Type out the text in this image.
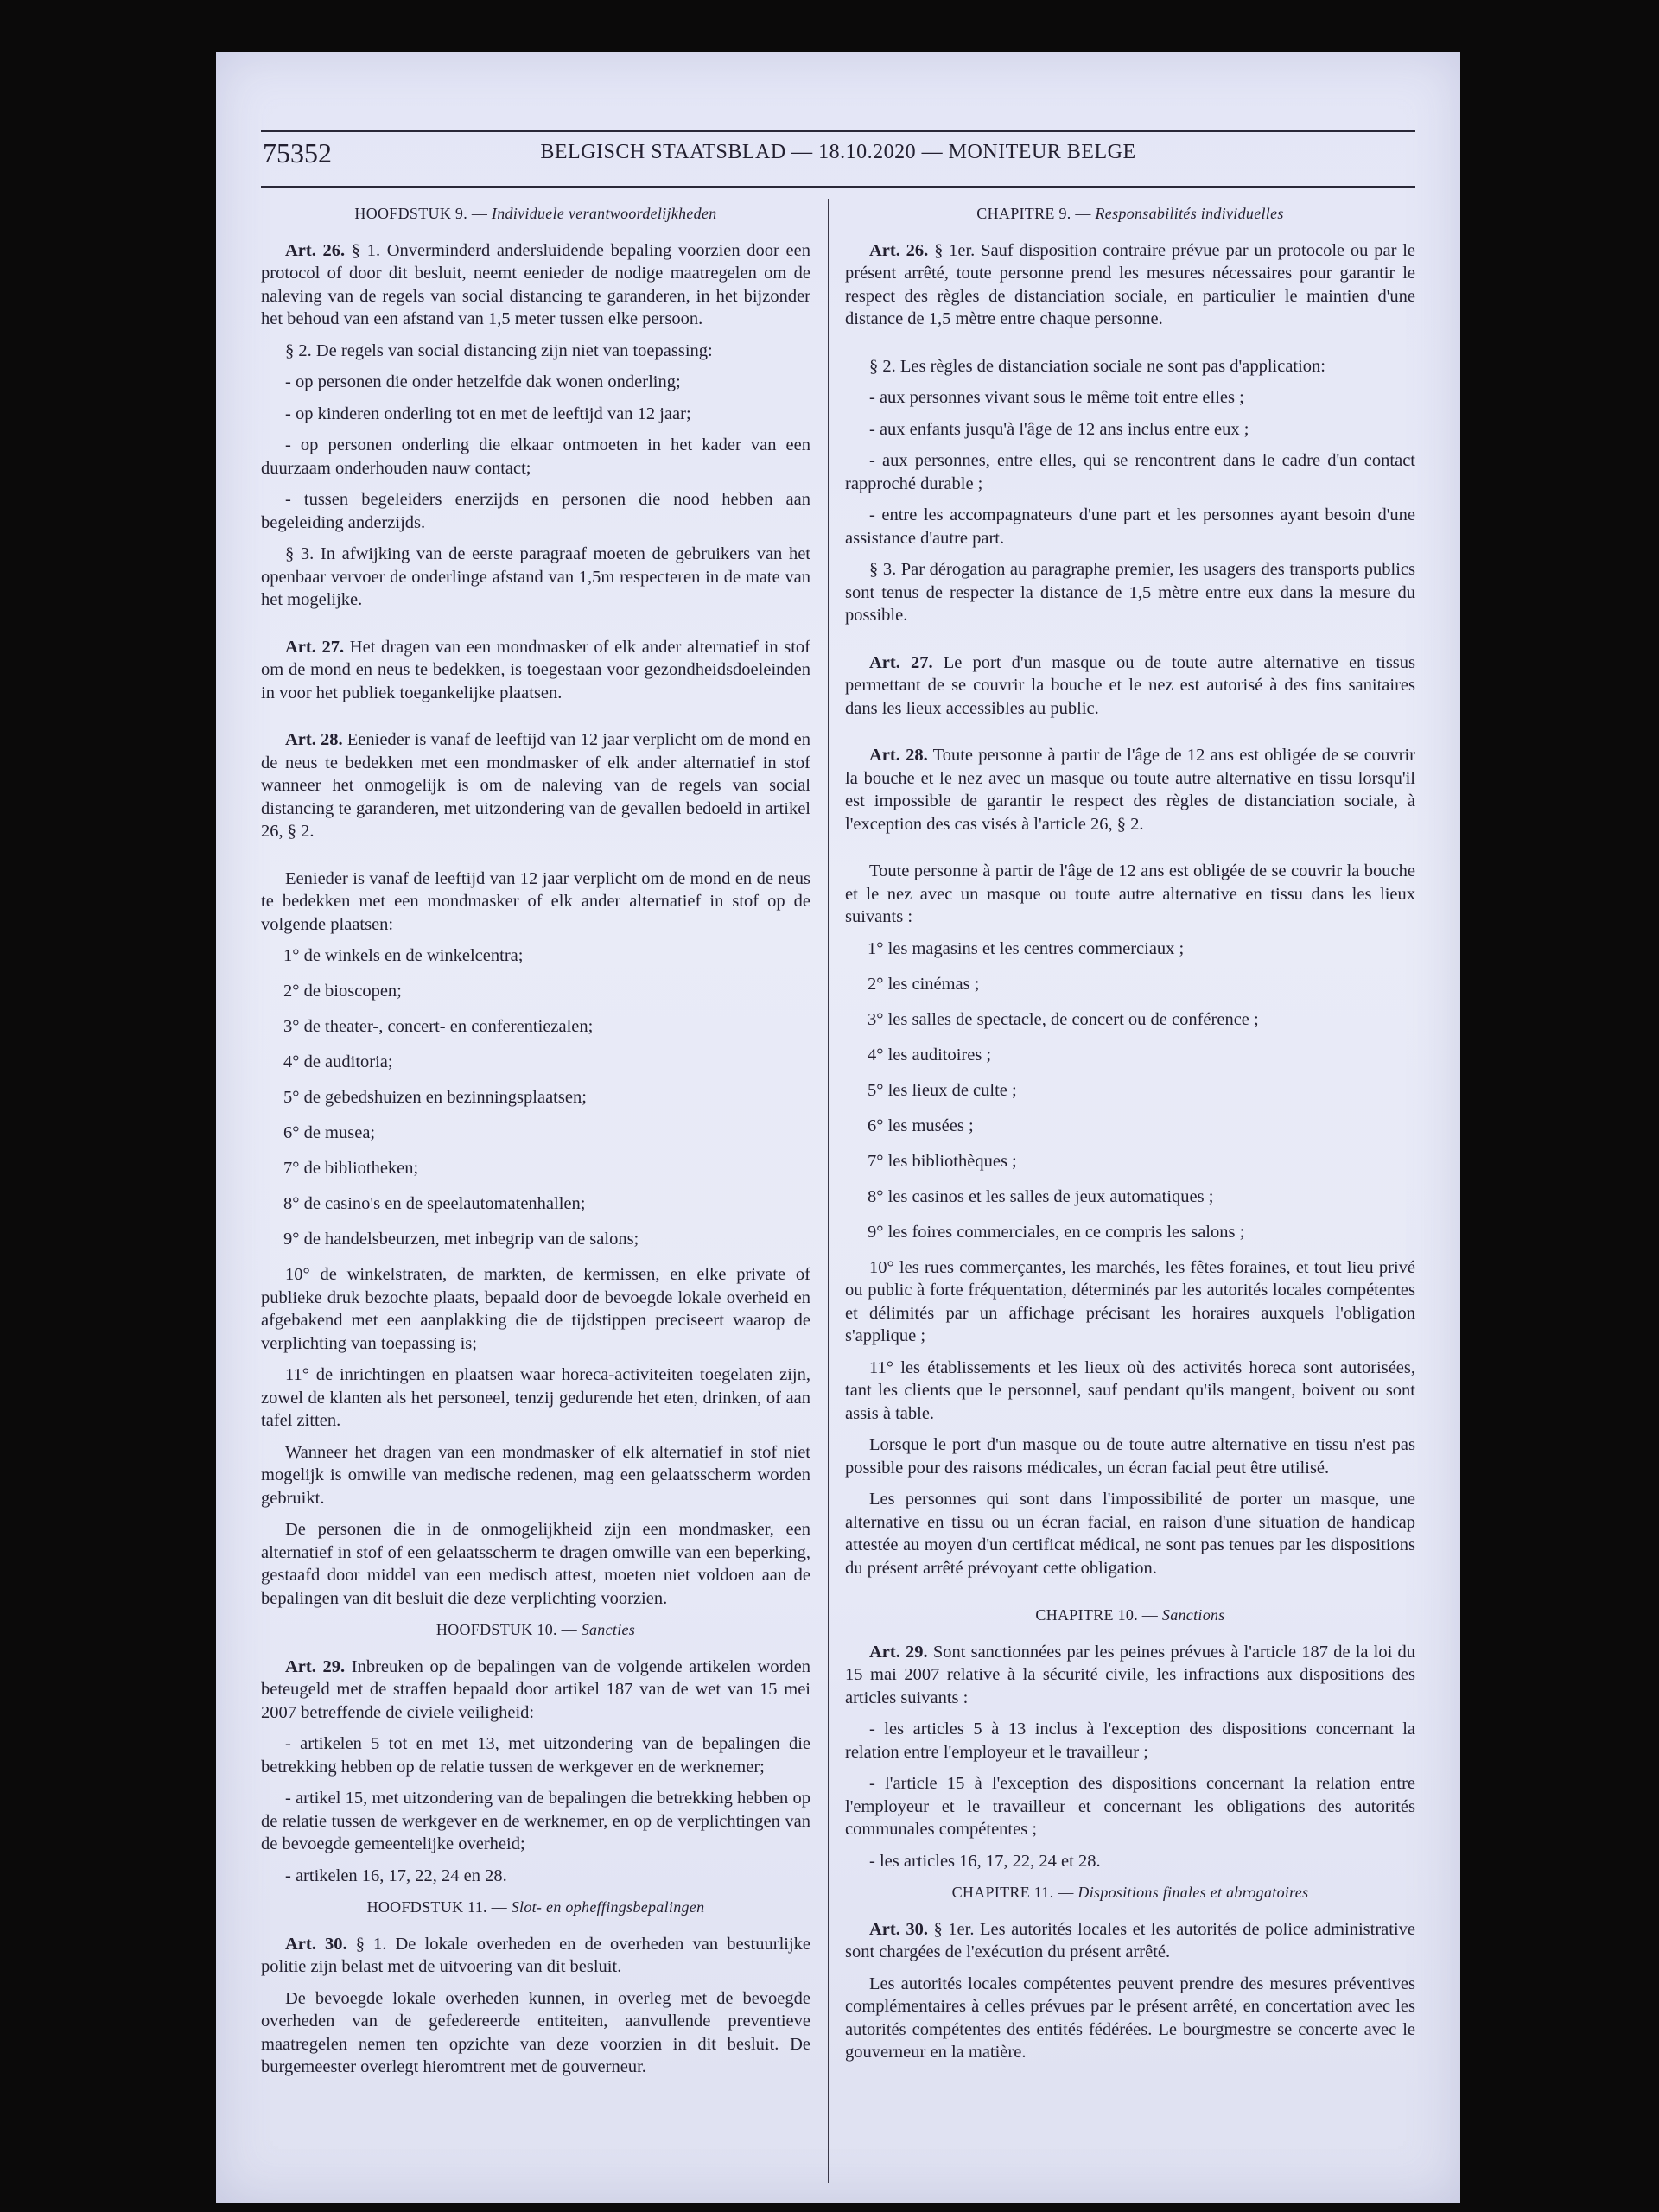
75352	BELGISCH STAATSBLAD — 18.10.2020 — MONITEUR BELGE
HOOFDSTUK 9. — Individuele verantwoordelijkheden

Art. 26. § 1. Onverminderd andersluidende bepaling voorzien door een protocol of door dit besluit, neemt eenieder de nodige maatregelen om de naleving van de regels van social distancing te garanderen, in het bijzonder het behoud van een afstand van 1,5 meter tussen elke persoon.

§ 2. De regels van social distancing zijn niet van toepassing:

- op personen die onder hetzelfde dak wonen onderling;

- op kinderen onderling tot en met de leeftijd van 12 jaar;

- op personen onderling die elkaar ontmoeten in het kader van een duurzaam onderhouden nauw contact;

- tussen begeleiders enerzijds en personen die nood hebben aan begeleiding anderzijds.

§ 3. In afwijking van de eerste paragraaf moeten de gebruikers van het openbaar vervoer de onderlinge afstand van 1,5m respecteren in de mate van het mogelijke.

Art. 27. Het dragen van een mondmasker of elk ander alternatief in stof om de mond en neus te bedekken, is toegestaan voor gezondheidsdoeleinden in voor het publiek toegankelijke plaatsen.

Art. 28. Eenieder is vanaf de leeftijd van 12 jaar verplicht om de mond en de neus te bedekken met een mondmasker of elk ander alternatief in stof wanneer het onmogelijk is om de naleving van de regels van social distancing te garanderen, met uitzondering van de gevallen bedoeld in artikel 26, § 2.

Eenieder is vanaf de leeftijd van 12 jaar verplicht om de mond en de neus te bedekken met een mondmasker of elk ander alternatief in stof op de volgende plaatsen:

1° de winkels en de winkelcentra;

2° de bioscopen;

3° de theater-, concert- en conferentiezalen;

4° de auditoria;

5° de gebedshuizen en bezinningsplaatsen;

6° de musea;

7° de bibliotheken;

8° de casino's en de speelautomatenhallen;

9° de handelsbeurzen, met inbegrip van de salons;

10° de winkelstraten, de markten, de kermissen, en elke private of publieke druk bezochte plaats, bepaald door de bevoegde lokale overheid en afgebakend met een aanplakking die de tijdstippen preciseert waarop de verplichting van toepassing is;

11° de inrichtingen en plaatsen waar horeca-activiteiten toegelaten zijn, zowel de klanten als het personeel, tenzij gedurende het eten, drinken, of aan tafel zitten.

Wanneer het dragen van een mondmasker of elk alternatief in stof niet mogelijk is omwille van medische redenen, mag een gelaatsscherm worden gebruikt.

De personen die in de onmogelijkheid zijn een mondmasker, een alternatief in stof of een gelaatsscherm te dragen omwille van een beperking, gestaafd door middel van een medisch attest, moeten niet voldoen aan de bepalingen van dit besluit die deze verplichting voorzien.

HOOFDSTUK 10. — Sancties

Art. 29. Inbreuken op de bepalingen van de volgende artikelen worden beteugeld met de straffen bepaald door artikel 187 van de wet van 15 mei 2007 betreffende de civiele veiligheid:

- artikelen 5 tot en met 13, met uitzondering van de bepalingen die betrekking hebben op de relatie tussen de werkgever en de werknemer;

- artikel 15, met uitzondering van de bepalingen die betrekking hebben op de relatie tussen de werkgever en de werknemer, en op de verplichtingen van de bevoegde gemeentelijke overheid;

- artikelen 16, 17, 22, 24 en 28.

HOOFDSTUK 11. — Slot- en opheffingsbepalingen

Art. 30. § 1. De lokale overheden en de overheden van bestuurlijke politie zijn belast met de uitvoering van dit besluit.

De bevoegde lokale overheden kunnen, in overleg met de bevoegde overheden van de gefedereerde entiteiten, aanvullende preventieve maatregelen nemen ten opzichte van deze voorzien in dit besluit. De burgemeester overlegt hieromtrent met de gouverneur.

CHAPITRE 9. — Responsabilités individuelles

Art. 26. § 1er. Sauf disposition contraire prévue par un protocole ou par le présent arrêté, toute personne prend les mesures nécessaires pour garantir le respect des règles de distanciation sociale, en particulier le maintien d'une distance de 1,5 mètre entre chaque personne.

§ 2. Les règles de distanciation sociale ne sont pas d'application:

- aux personnes vivant sous le même toit entre elles ;

- aux enfants jusqu'à l'âge de 12 ans inclus entre eux ;

- aux personnes, entre elles, qui se rencontrent dans le cadre d'un contact rapproché durable ;

- entre les accompagnateurs d'une part et les personnes ayant besoin d'une assistance d'autre part.

§ 3. Par dérogation au paragraphe premier, les usagers des transports publics sont tenus de respecter la distance de 1,5 mètre entre eux dans la mesure du possible.

Art. 27. Le port d'un masque ou de toute autre alternative en tissus permettant de se couvrir la bouche et le nez est autorisé à des fins sanitaires dans les lieux accessibles au public.

Art. 28. Toute personne à partir de l'âge de 12 ans est obligée de se couvrir la bouche et le nez avec un masque ou toute autre alternative en tissu lorsqu'il est impossible de garantir le respect des règles de distanciation sociale, à l'exception des cas visés à l'article 26, § 2.

Toute personne à partir de l'âge de 12 ans est obligée de se couvrir la bouche et le nez avec un masque ou toute autre alternative en tissu dans les lieux suivants :

1° les magasins et les centres commerciaux ;

2° les cinémas ;

3° les salles de spectacle, de concert ou de conférence ;

4° les auditoires ;

5° les lieux de culte ;

6° les musées ;

7° les bibliothèques ;

8° les casinos et les salles de jeux automatiques ;

9° les foires commerciales, en ce compris les salons ;

10° les rues commerçantes, les marchés, les fêtes foraines, et tout lieu privé ou public à forte fréquentation, déterminés par les autorités locales compétentes et délimités par un affichage précisant les horaires auxquels l'obligation s'applique ;

11° les établissements et les lieux où des activités horeca sont autorisées, tant les clients que le personnel, sauf pendant qu'ils mangent, boivent ou sont assis à table.

Lorsque le port d'un masque ou de toute autre alternative en tissu n'est pas possible pour des raisons médicales, un écran facial peut être utilisé.

Les personnes qui sont dans l'impossibilité de porter un masque, une alternative en tissu ou un écran facial, en raison d'une situation de handicap attestée au moyen d'un certificat médical, ne sont pas tenues par les dispositions du présent arrêté prévoyant cette obligation.

CHAPITRE 10. — Sanctions

Art. 29. Sont sanctionnées par les peines prévues à l'article 187 de la loi du 15 mai 2007 relative à la sécurité civile, les infractions aux dispositions des articles suivants :

- les articles 5 à 13 inclus à l'exception des dispositions concernant la relation entre l'employeur et le travailleur ;

- l'article 15 à l'exception des dispositions concernant la relation entre l'employeur et le travailleur et concernant les obligations des autorités communales compétentes ;

- les articles 16, 17, 22, 24 et 28.

CHAPITRE 11. — Dispositions finales et abrogatoires

Art. 30. § 1er. Les autorités locales et les autorités de police administrative sont chargées de l'exécution du présent arrêté.

Les autorités locales compétentes peuvent prendre des mesures préventives complémentaires à celles prévues par le présent arrêté, en concertation avec les autorités compétentes des entités fédérées. Le bourgmestre se concerte avec le gouverneur en la matière.
